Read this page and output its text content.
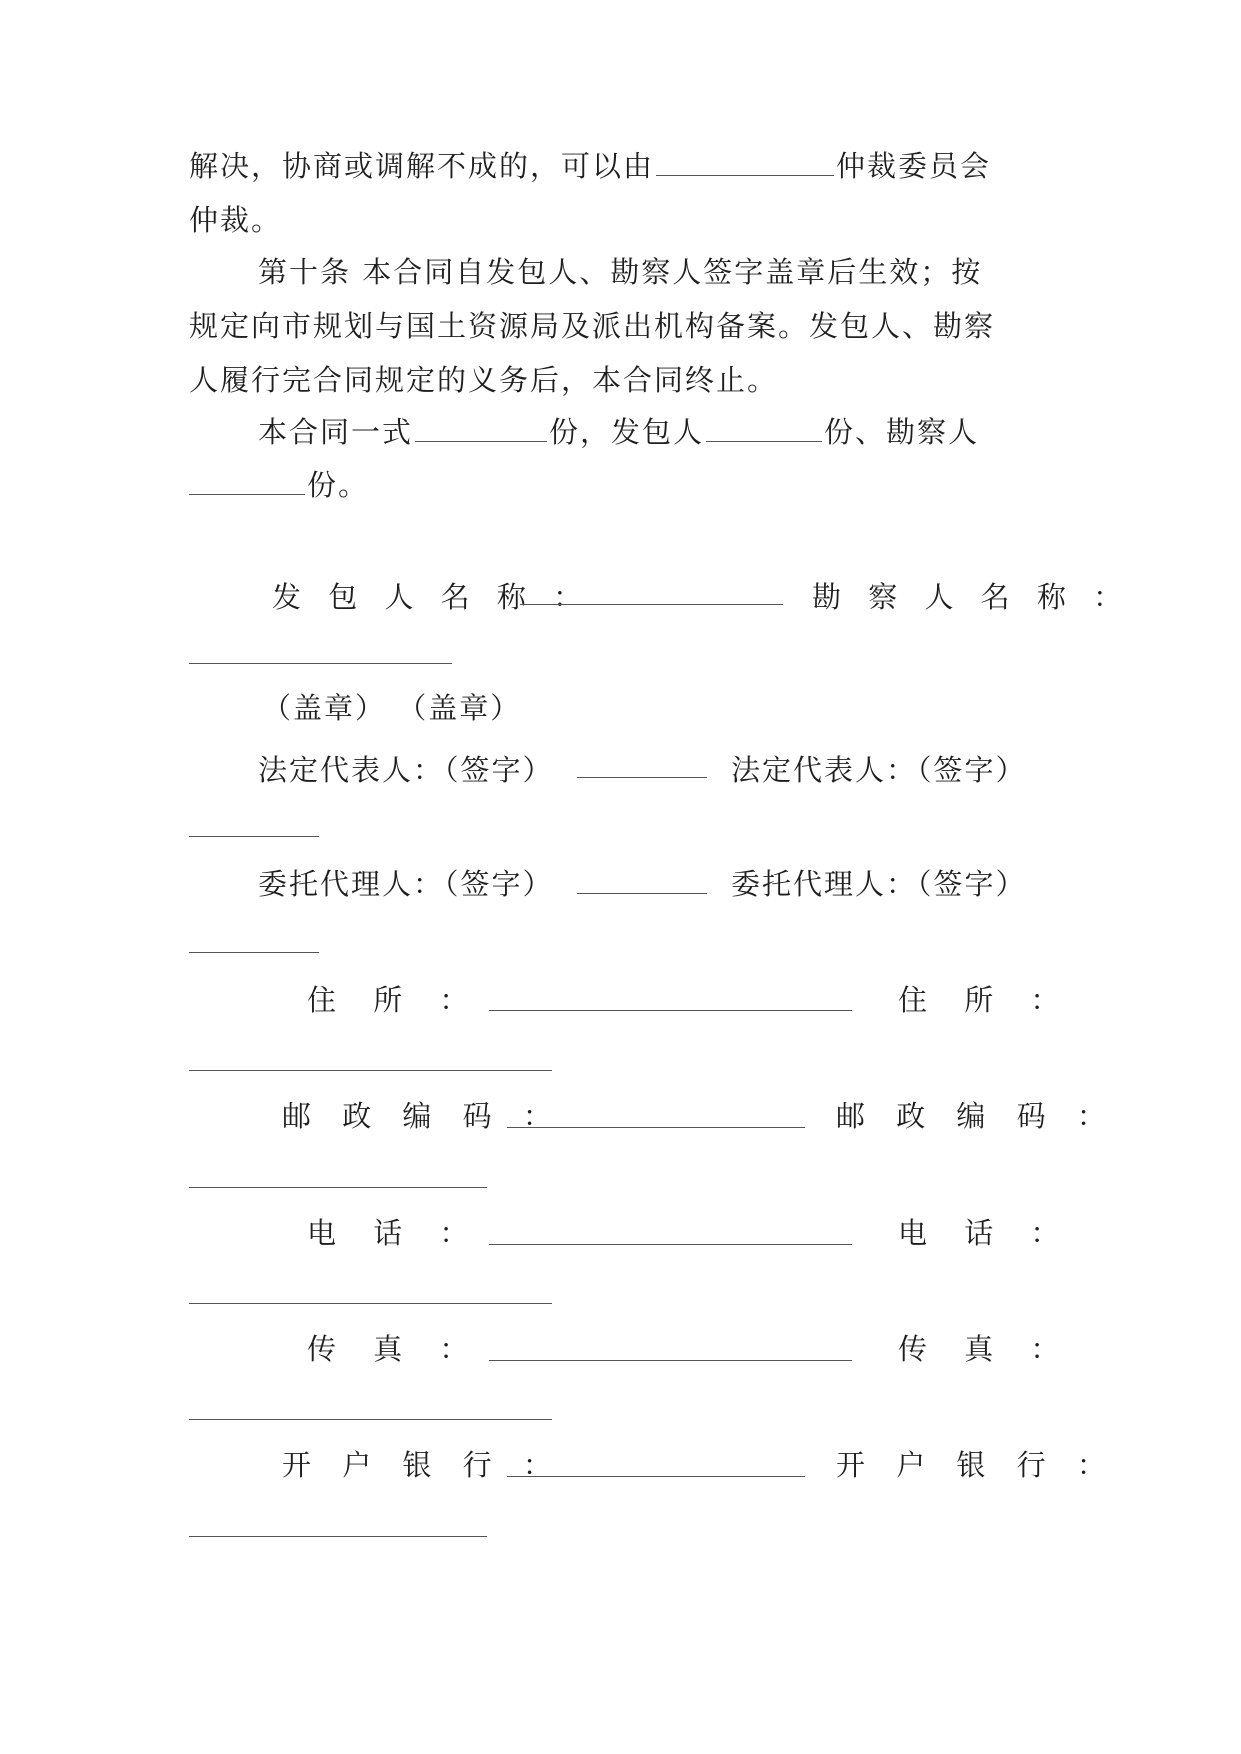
解决，协商或调解不成的，可以由	仲裁委员会
仲裁。
第十条 本合同自发包人、勘察人签字盖章后生效；按
规定向市规划与国土资源局及派出机构备案。发包人、勘察
人履行完合同规定的义务后，本合同终止。
本合同一式	份，发包人	份、勘察人
份。
发 包 人 名 称 ：	勘 察 人 名 称 ：
（盖章） （盖章）
法定代表人：（签字）	法定代表人：（签字）
委托代理人：（签字）	委托代理人：（签字）
住 所 ：	住 所 ：
邮 政 编 码 ：	邮 政 编 码 ：
电 话 ：	电 话 ：
传 真 ：	传 真 ：
开 户 银 行 ：	开 户 银 行 ：
